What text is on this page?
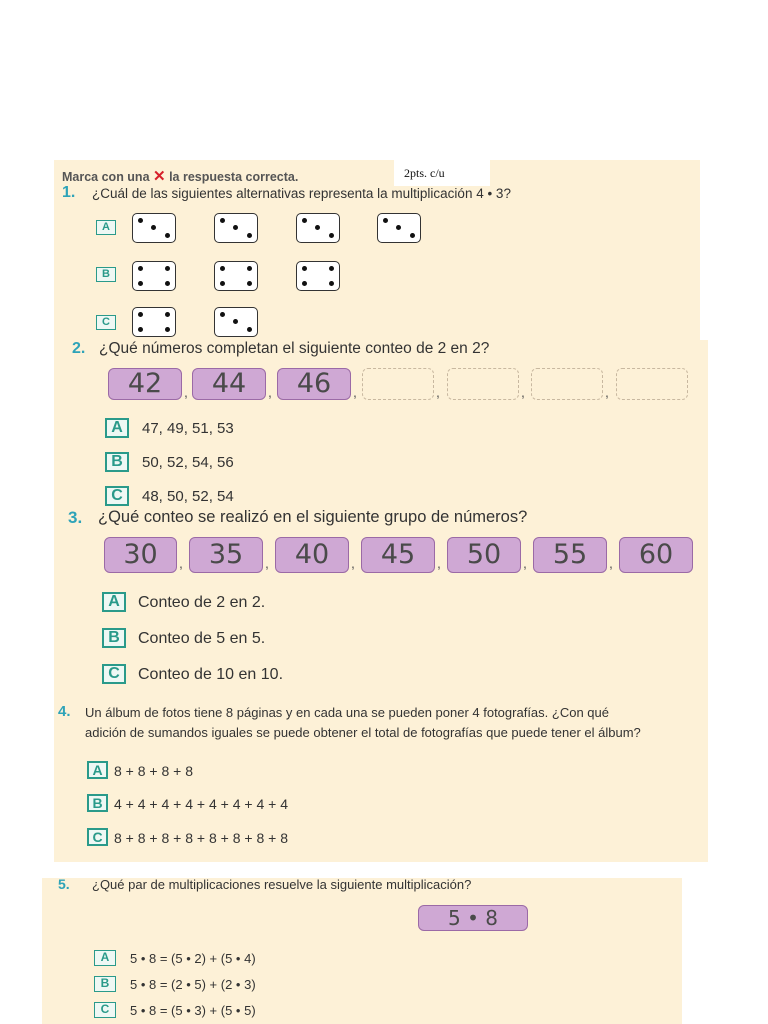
2pts. c/u
Marca con una ✕ la respuesta correcta.
1. ¿Cuál de las siguientes alternativas representa la multiplicación 4 • 3?
A
B
C
2. ¿Qué números completan el siguiente conteo de 2 en 2?
42	, 44	, 46	,	,	,	,
A	47, 49, 51, 53
B	50, 52, 54, 56
C	48, 50, 52, 54
3. ¿Qué conteo se realizó en el siguiente grupo de números?
30	, 35	, 40	, 45	, 50	, 55	, 60
A	Conteo de 2 en 2.
B	Conteo de 5 en 5.
C	Conteo de 10 en 10.
4. Un álbum de fotos tiene 8 páginas y en cada una se pueden poner 4 fotografías. ¿Con qué
adición de sumandos iguales se puede obtener el total de fotografías que puede tener el álbum?
A 8 + 8 + 8 + 8
B 4 + 4 + 4 + 4 + 4 + 4 + 4 + 4
C 8 + 8 + 8 + 8 + 8 + 8 + 8 + 8
5. ¿Qué par de multiplicaciones resuelve la siguiente multiplicación?
5 • 8
A	5 • 8 = (5 • 2) + (5 • 4)
B	5 • 8 = (2 • 5) + (2 • 3)
C	5 • 8 = (5 • 3) + (5 • 5)
